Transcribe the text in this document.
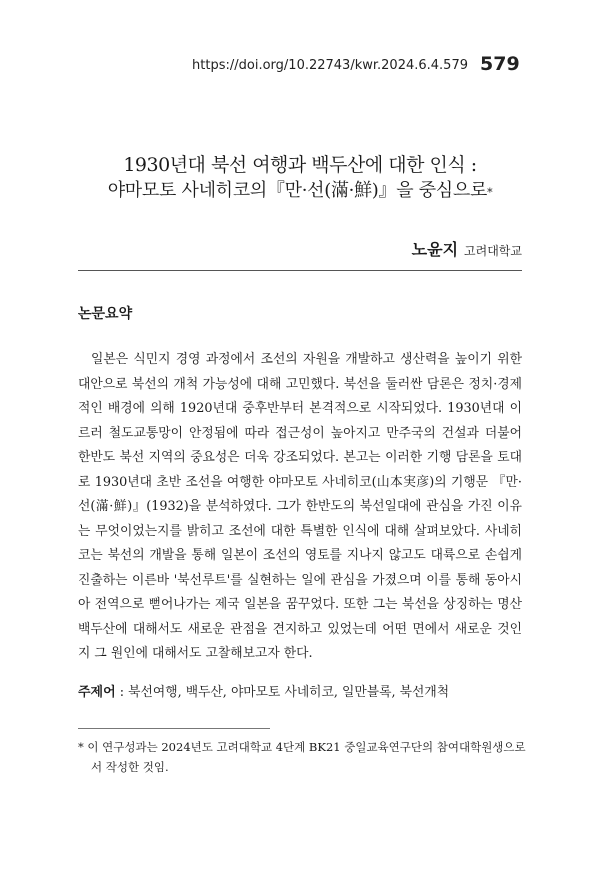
https://doi.org/10.22743/kwr.2024.6.4.579 579
1930년대 북선 여행과 백두산에 대한 인식 :
야마모토 사네히코의『만·선(滿·鮮)』을 중심으로*
노윤지 고려대학교
논문요약

일본은 식민지 경영 과정에서 조선의 자원을 개발하고 생산력을 높이기 위한 대안으로 북선의 개척 가능성에 대해 고민했다. 북선을 둘러싼 담론은 정치·경제적인 배경에 의해 1920년대 중후반부터 본격적으로 시작되었다. 1930년대 이르러 철도교통망이 안정됨에 따라 접근성이 높아지고 만주국의 건설과 더불어 한반도 북선 지역의 중요성은 더욱 강조되었다. 본고는 이러한 기행 담론을 토대로 1930년대 초반 조선을 여행한 야마모토 사네히코(山本実彦)의 기행문 『만·선(滿·鮮)』(1932)을 분석하였다. 그가 한반도의 북선일대에 관심을 가진 이유는 무엇이었는지를 밝히고 조선에 대한 특별한 인식에 대해 살펴보았다. 사네히코는 북선의 개발을 통해 일본이 조선의 영토를 지나지 않고도 대륙으로 손쉽게 진출하는 이른바 '북선루트'를 실현하는 일에 관심을 가졌으며 이를 통해 동아시아 전역으로 뻗어나가는 제국 일본을 꿈꾸었다. 또한 그는 북선을 상징하는 명산 백두산에 대해서도 새로운 관점을 견지하고 있었는데 어떤 면에서 새로운 것인지 그 원인에 대해서도 고찰해보고자 한다.

주제어 : 북선여행, 백두산, 야마모토 사네히코, 일만블록, 북선개척

* 이 연구성과는 2024년도 고려대학교 4단계 BK21 중일교육연구단의 참여대학원생으로서 작성한 것임.
